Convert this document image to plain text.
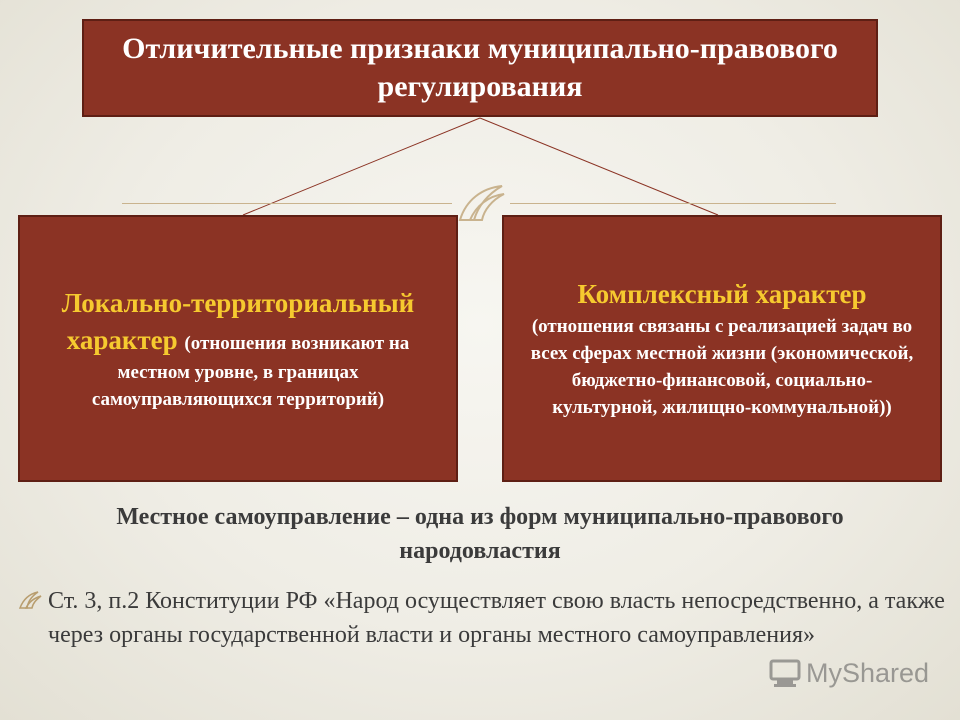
Отличительные признаки муниципально-правового регулирования
Локально-территориальный характер (отношения возникают на местном уровне, в границах самоуправляющихся территорий)
Комплексный характер
(отношения связаны с реализацией задач во всех сферах местной жизни (экономической, бюджетно-финансовой, социально-культурной, жилищно-коммунальной))
Местное самоуправление – одна из форм муниципально-правового народовластия
Ст. 3, п.2 Конституции РФ «Народ осуществляет свою власть непосредственно, а также через органы государственной власти и органы местного самоуправления»
MyShared
